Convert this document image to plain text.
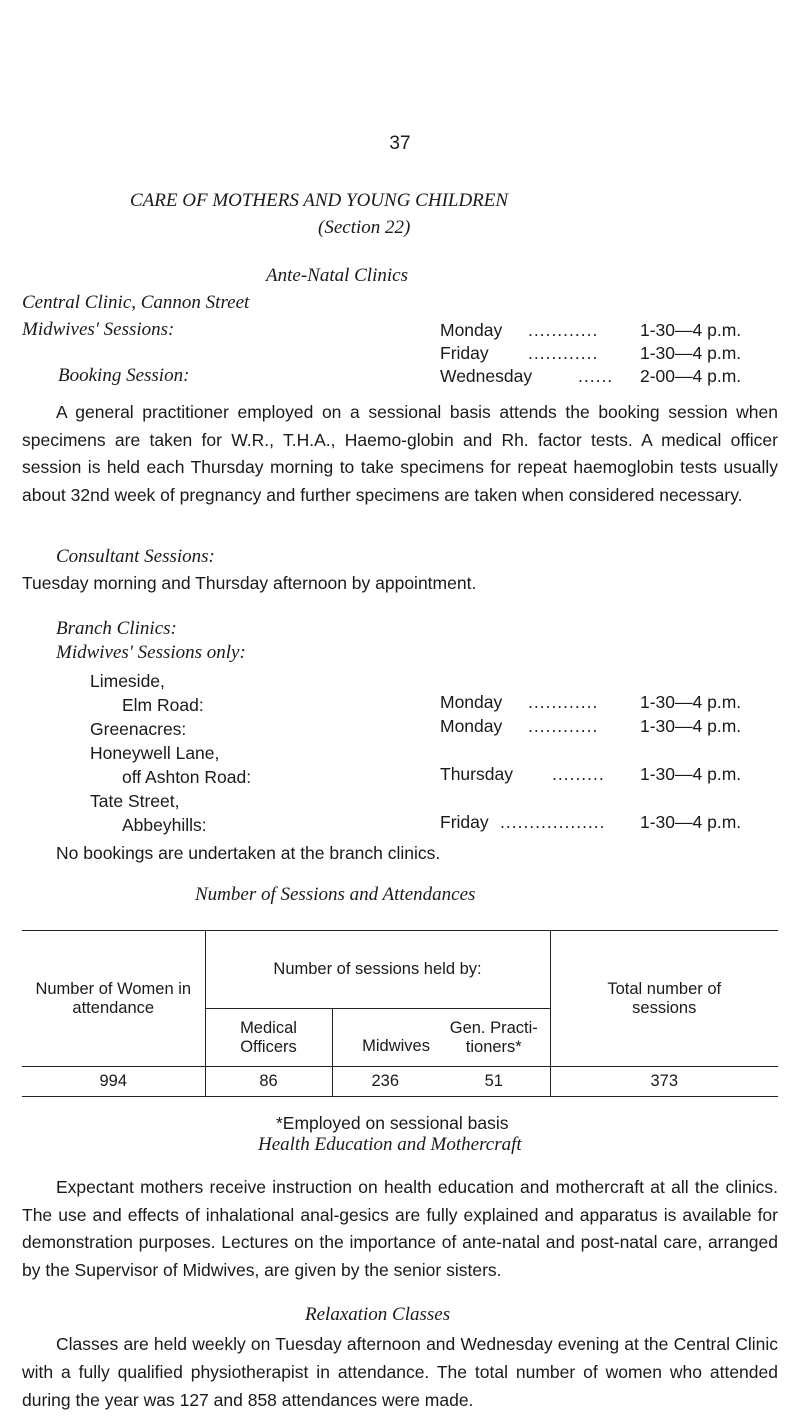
37
CARE OF MOTHERS AND YOUNG CHILDREN
(Section 22)
Ante-Natal Clinics
Central Clinic, Cannon Street
Midwives' Sessions:	Monday ............ 1-30—4 p.m.
Friday ............ 1-30—4 p.m.
Booking Session:	Wednesday	...... 2-00—4 p.m.
A general practitioner employed on a sessional basis attends the booking session when specimens are taken for W.R., T.H.A., Haemo-globin and Rh. factor tests. A medical officer session is held each Thursday morning to take specimens for repeat haemoglobin tests usually about 32nd week of pregnancy and further specimens are taken when considered necessary.
Consultant Sessions:
Tuesday morning and Thursday afternoon by appointment.
Branch Clinics:
Midwives' Sessions only:
Limeside,
Elm Road:	Monday ............ 1-30—4 p.m.
Greenacres:	Monday ............ 1-30—4 p.m.
Honeywell Lane,
off Ashton Road:	Thursday ......... 1-30—4 p.m.
Tate Street,
Abbeyhills:	Friday .................. 1-30—4 p.m.
No bookings are undertaken at the branch clinics.
Number of Sessions and Attendances
Number of Women in attendance	Number of sessions held by:			Total number of sessions
	Medical Officers	Midwives	Gen. Practi-tioners*	
994	86	236	51	373
*Employed on sessional basis
Health Education and Mothercraft
Expectant mothers receive instruction on health education and mothercraft at all the clinics. The use and effects of inhalational anal-gesics are fully explained and apparatus is available for demonstration purposes. Lectures on the importance of ante-natal and post-natal care, arranged by the Supervisor of Midwives, are given by the senior sisters.
Relaxation Classes
Classes are held weekly on Tuesday afternoon and Wednesday evening at the Central Clinic with a fully qualified physiotherapist in attendance. The total number of women who attended during the year was 127 and 858 attendances were made.
